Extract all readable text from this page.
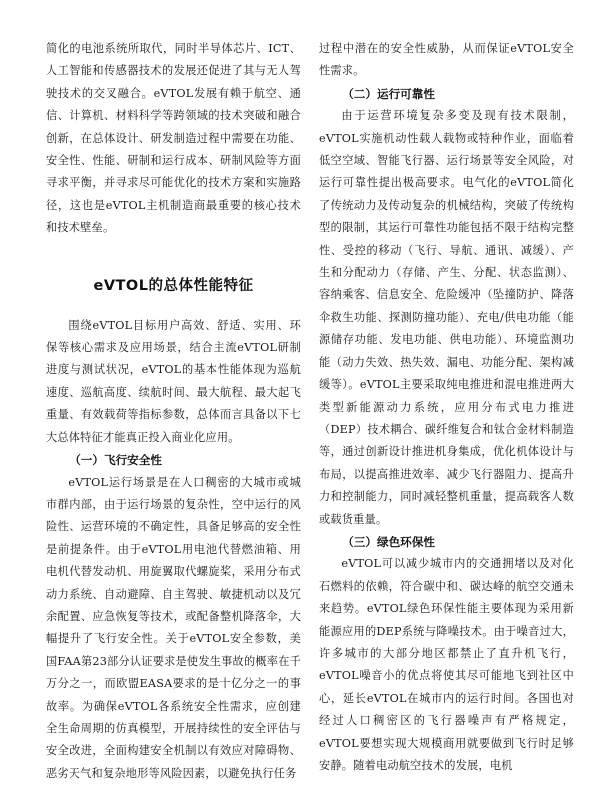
简化的电池系统所取代，同时半导体芯片、ICT、人工智能和传感器技术的发展还促进了其与无人驾驶技术的交叉融合。eVTOL发展有赖于航空、通信、计算机、材料科学等跨领域的技术突破和融合创新，在总体设计、研发制造过程中需要在功能、安全性、性能、研制和运行成本、研制风险等方面寻求平衡，并寻求尽可能优化的技术方案和实施路径，这也是eVTOL主机制造商最重要的核心技术和技术壁垒。

eVTOL的总体性能特征

围绕eVTOL目标用户高效、舒适、实用、环保等核心需求及应用场景，结合主流eVTOL研制进度与测试状况，eVTOL的基本性能体现为巡航速度、巡航高度、续航时间、最大航程、最大起飞重量、有效载荷等指标参数，总体而言具备以下七大总体特征才能真正投入商业化应用。

（一）飞行安全性

eVTOL运行场景是在人口稠密的大城市或城市群内部，由于运行场景的复杂性，空中运行的风险性、运营环境的不确定性，具备足够高的安全性是前提条件。由于eVTOL用电池代替燃油箱、用电机代替发动机、用旋翼取代螺旋桨，采用分布式动力系统、自动避障、自主驾驶、敏捷机动以及冗余配置、应急恢复等技术，或配备整机降落伞，大幅提升了飞行安全性。关于eVTOL安全参数，美国FAA第23部分认证要求是使发生事故的概率在千万分之一，而欧盟EASA要求的是十亿分之一的事故率。为确保eVTOL各系统安全性需求，应创建全生命周期的仿真模型，开展持续性的安全评估与安全改进，全面构建安全机制以有效应对障碍物、恶劣天气和复杂地形等风险因素，以避免执行任务

过程中潜在的安全性威胁，从而保证eVTOL安全性需求。

（二）运行可靠性

由于运营环境复杂多变及现有技术限制，eVTOL实施机动性载人载物或特种作业，面临着低空空域、智能飞行器、运行场景等安全风险，对运行可靠性提出极高要求。电气化的eVTOL简化了传统动力及传动复杂的机械结构，突破了传统构型的限制，其运行可靠性功能包括不限于结构完整性、受控的移动（飞行、导航、通讯、减缓）、产生和分配动力（存储、产生、分配、状态监测）、容纳乘客、信息安全、危险缓冲（坠撞防护、降落伞救生功能、探测防撞功能）、充电/供电功能（能源储存功能、发电功能、供电功能）、环境监测功能（动力失效、热失效、漏电、功能分配、架构减缓等）。eVTOL主要采取纯电推进和混电推进两大类型新能源动力系统，应用分布式电力推进（DEP）技术耦合、碳纤维复合和钛合金材料制造等，通过创新设计推进机身集成，优化机体设计与布局，以提高推进效率、减少飞行器阻力、提高升力和控制能力，同时减轻整机重量，提高载客人数或载货重量。

（三）绿色环保性

eVTOL可以减少城市内的交通拥堵以及对化石燃料的依赖，符合碳中和、碳达峰的航空交通未来趋势。eVTOL绿色环保性能主要体现为采用新能源应用的DEP系统与降噪技术。由于噪音过大，许多城市的大部分地区都禁止了直升机飞行，eVTOL噪音小的优点将使其尽可能地飞到社区中心，延长eVTOL在城市内的运行时间。各国也对经过人口稠密区的飞行器噪声有严格规定，eVTOL要想实现大规模商用就要做到飞行时足够安静。随着电动航空技术的发展，电机
